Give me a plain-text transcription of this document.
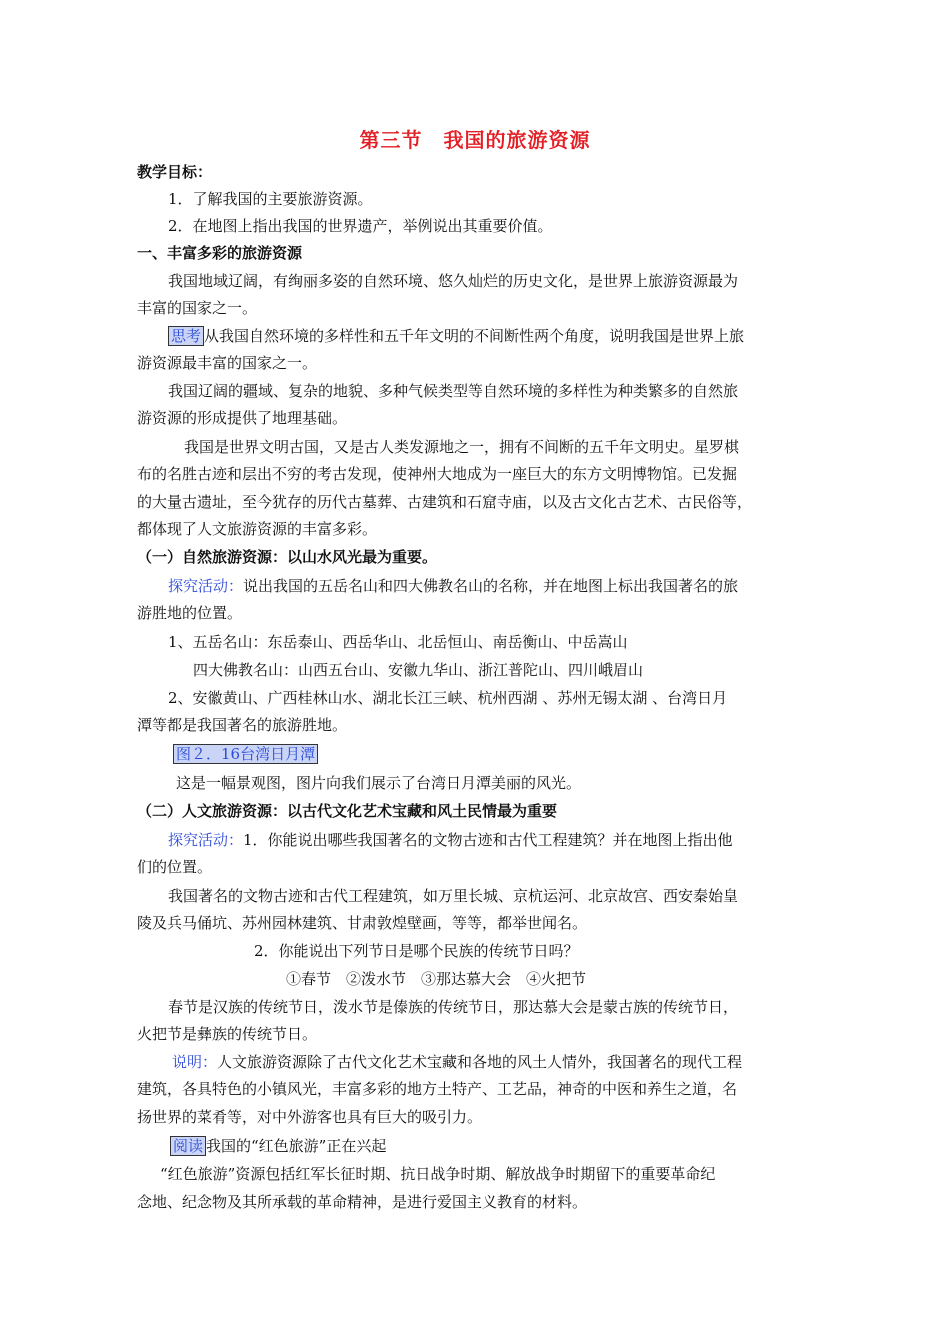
第三节　我国的旅游资源
教学目标：
1．了解我国的主要旅游资源。
2．在地图上指出我国的世界遗产，举例说出其重要价值。
一、丰富多彩的旅游资源
我国地域辽阔，有绚丽多姿的自然环境、悠久灿烂的历史文化，是世界上旅游资源最为
丰富的国家之一。
思考 从我国自然环境的多样性和五千年文明的不间断性两个角度，说明我国是世界上旅
游资源最丰富的国家之一。
我国辽阔的疆域、复杂的地貌、多种气候类型等自然环境的多样性为种类繁多的自然旅
游资源的形成提供了地理基础。
我国是世界文明古国，又是古人类发源地之一，拥有不间断的五千年文明史。星罗棋
布的名胜古迹和层出不穷的考古发现，使神州大地成为一座巨大的东方文明博物馆。已发掘
的大量古遗址，至今犹存的历代古墓葬、古建筑和石窟寺庙，以及古文化古艺术、古民俗等，
都体现了人文旅游资源的丰富多彩。
（一）自然旅游资源：以山水风光最为重要。
探究活动：说出我国的五岳名山和四大佛教名山的名称，并在地图上标出我国著名的旅
游胜地的位置。
1、五岳名山：东岳泰山、西岳华山、北岳恒山、南岳衡山、中岳嵩山
四大佛教名山：山西五台山、安徽九华山、浙江普陀山、四川峨眉山
2、安徽黄山、广西桂林山水、湖北长江三峡、杭州西湖 、苏州无锡太湖 、台湾日月
潭等都是我国著名的旅游胜地。
图２．16台湾日月潭
这是一幅景观图，图片向我们展示了台湾日月潭美丽的风光。
（二）人文旅游资源：以古代文化艺术宝藏和风土民情最为重要
探究活动：1．你能说出哪些我国著名的文物古迹和古代工程建筑？并在地图上指出他
们的位置。
我国著名的文物古迹和古代工程建筑，如万里长城、京杭运河、北京故宫、西安秦始皇
陵及兵马俑坑、苏州园林建筑、甘肃敦煌壁画，等等，都举世闻名。
2．你能说出下列节日是哪个民族的传统节日吗？
①春节　②泼水节　③那达慕大会　④火把节
春节是汉族的传统节日，泼水节是傣族的传统节日，那达慕大会是蒙古族的传统节日，
火把节是彝族的传统节日。
说明：人文旅游资源除了古代文化艺术宝藏和各地的风土人情外，我国著名的现代工程
建筑，各具特色的小镇风光，丰富多彩的地方土特产、工艺品，神奇的中医和养生之道，名
扬世界的菜肴等，对中外游客也具有巨大的吸引力。
阅读 我国的“红色旅游”正在兴起
“红色旅游”资源包括红军长征时期、抗日战争时期、解放战争时期留下的重要革命纪
念地、纪念物及其所承载的革命精神，是进行爱国主义教育的材料。
